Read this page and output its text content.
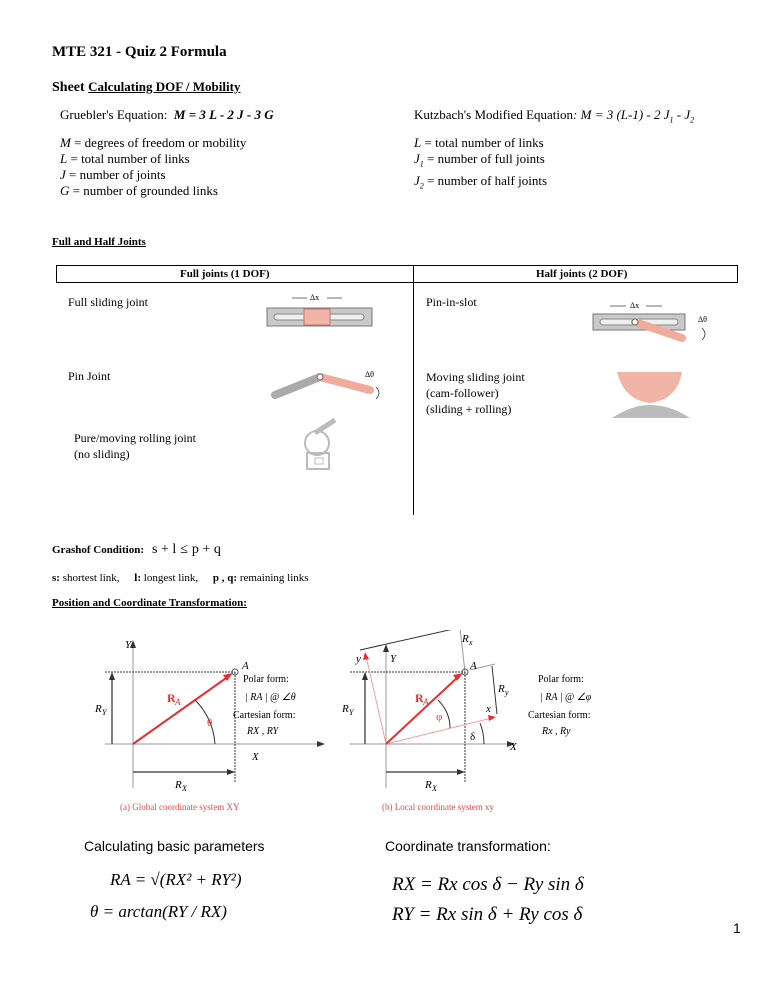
MTE 321 - Quiz 2 Formula
Sheet Calculating DOF / Mobility
Gruebler's Equation: M = 3 L - 2 J - 3 G	Kutzbach's Modified Equation: M = 3 (L-1) - 2 $J_1 - J_2$
M = degrees of freedom or mobility
L = total number of links
J = number of joints
G = number of grounded links
L = total number of links
$J_1$ = number of full joints
$J_2$ = number of half joints
Full and Half Joints
Full joints (1 DOF)	Half joints (2 DOF)
Full sliding joint
Pin Joint
Pure/moving rolling joint
(no sliding)
Pin-in-slot
Moving sliding joint
(cam-follower)
(sliding + rolling)
Δx
Δθ
Δx
Δθ
Grashof Condition: s + l ≤ p + q
s: shortest link, l: longest link, p , q: remaining links
Position and Coordinate Transformation:
Y
A
X
R A
R Y
R X
θ
Polar form:
| RA | @ ∠θ
Cartesian form:
RX , RY
(a) Global coordinate system XY
R x
y	Y
A
R y
x
X
R A
R Y
R X
φ
δ
Polar form:
| RA | @ ∠φ
Cartesian form:
Rx , Ry
(b) Local coordinate system xy
Calculating basic parameters	Coordinate transformation:
RA = √(RX² + RY²)
θ = arctan(RY / RX)
RX = Rx cos δ − Ry sin δ
RY = Rx sin δ + Ry cos δ
1
